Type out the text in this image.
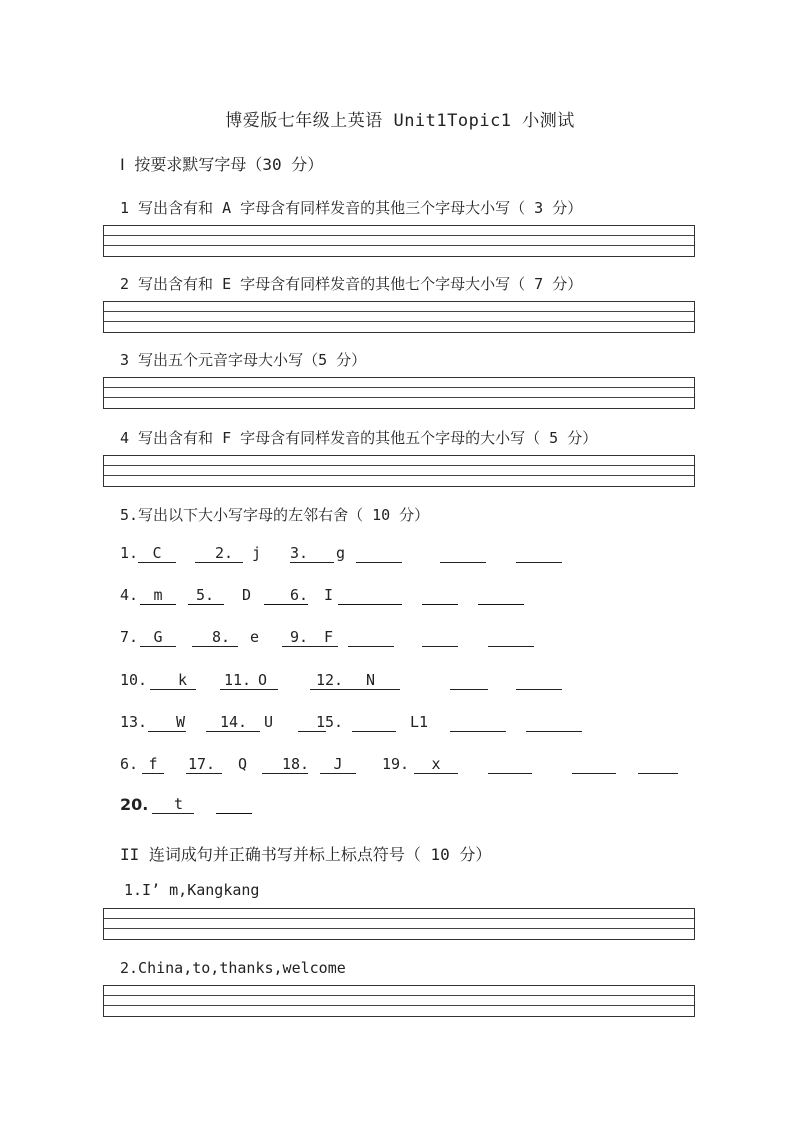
博爱版七年级上英语 Unit1Topic1 小测试
Ⅰ 按要求默写字母（30 分）
1 写出含有和 A 字母含有同样发音的其他三个字母大小写（ 3 分）
2 写出含有和 E 字母含有同样发音的其他七个字母大小写（ 7 分）
3 写出五个元音字母大小写（5 分）
4 写出含有和 F 字母含有同样发音的其他五个字母的大小写（ 5 分）
5.写出以下大小写字母的左邻右舍（ 10 分）
1. C	2. j 3. g
4.	m	5. D	6. I
7.	G	8. e 9. F
10. k 11. O	12. N
13. W 14. U	15.	L1
6. f	17. Q 18.	J	19.	x
20. t
II 连词成句并正确书写并标上标点符号（ 10 分）
1.I’ m,Kangkang
2.China,to,thanks,welcome
